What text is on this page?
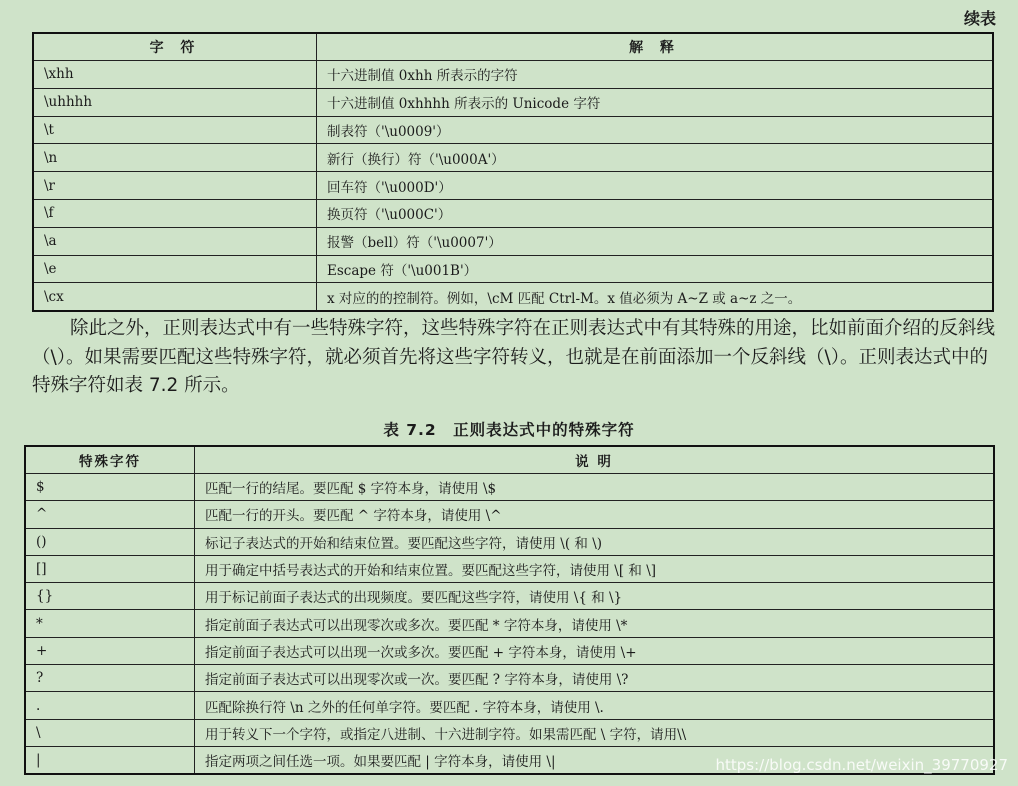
续表
字 符	解 释
\xhh	十六进制值 0xhh 所表示的字符
\uhhhh	十六进制值 0xhhhh 所表示的 Unicode 字符
\t	制表符（'\u0009'）
\n	新行（换行）符（'\u000A'）
\r	回车符（'\u000D'）
\f	换页符（'\u000C'）
\a	报警（bell）符（'\u0007'）
\e	Escape 符（'\u001B'）
\cx	x 对应的的控制符。例如，\cM 匹配 Ctrl-M。x 值必须为 A~Z 或 a~z 之一。
除此之外，正则表达式中有一些特殊字符，这些特殊字符在正则表达式中有其特殊的用途，比如前面介绍的反斜线（\）。如果需要匹配这些特殊字符，就必须首先将这些字符转义，也就是在前面添加一个反斜线（\）。正则表达式中的特殊字符如表 7.2 所示。
表 7.2　正则表达式中的特殊字符
特殊字符	说 明
$	匹配一行的结尾。要匹配 $ 字符本身，请使用 \$
^	匹配一行的开头。要匹配 ^ 字符本身，请使用 \^
()	标记子表达式的开始和结束位置。要匹配这些字符，请使用 \( 和 \)
[]	用于确定中括号表达式的开始和结束位置。要匹配这些字符，请使用 \[ 和 \]
{}	用于标记前面子表达式的出现频度。要匹配这些字符，请使用 \{ 和 \}
*	指定前面子表达式可以出现零次或多次。要匹配 * 字符本身，请使用 \*
+	指定前面子表达式可以出现一次或多次。要匹配 + 字符本身，请使用 \+
?	指定前面子表达式可以出现零次或一次。要匹配 ? 字符本身，请使用 \?
.	匹配除换行符 \n 之外的任何单字符。要匹配 . 字符本身，请使用 \.
\	用于转义下一个字符，或指定八进制、十六进制字符。如果需匹配 \ 字符，请用\\
|	指定两项之间任选一项。如果要匹配 | 字符本身，请使用 \|	https://blog.csdn.net/weixin_39770927
